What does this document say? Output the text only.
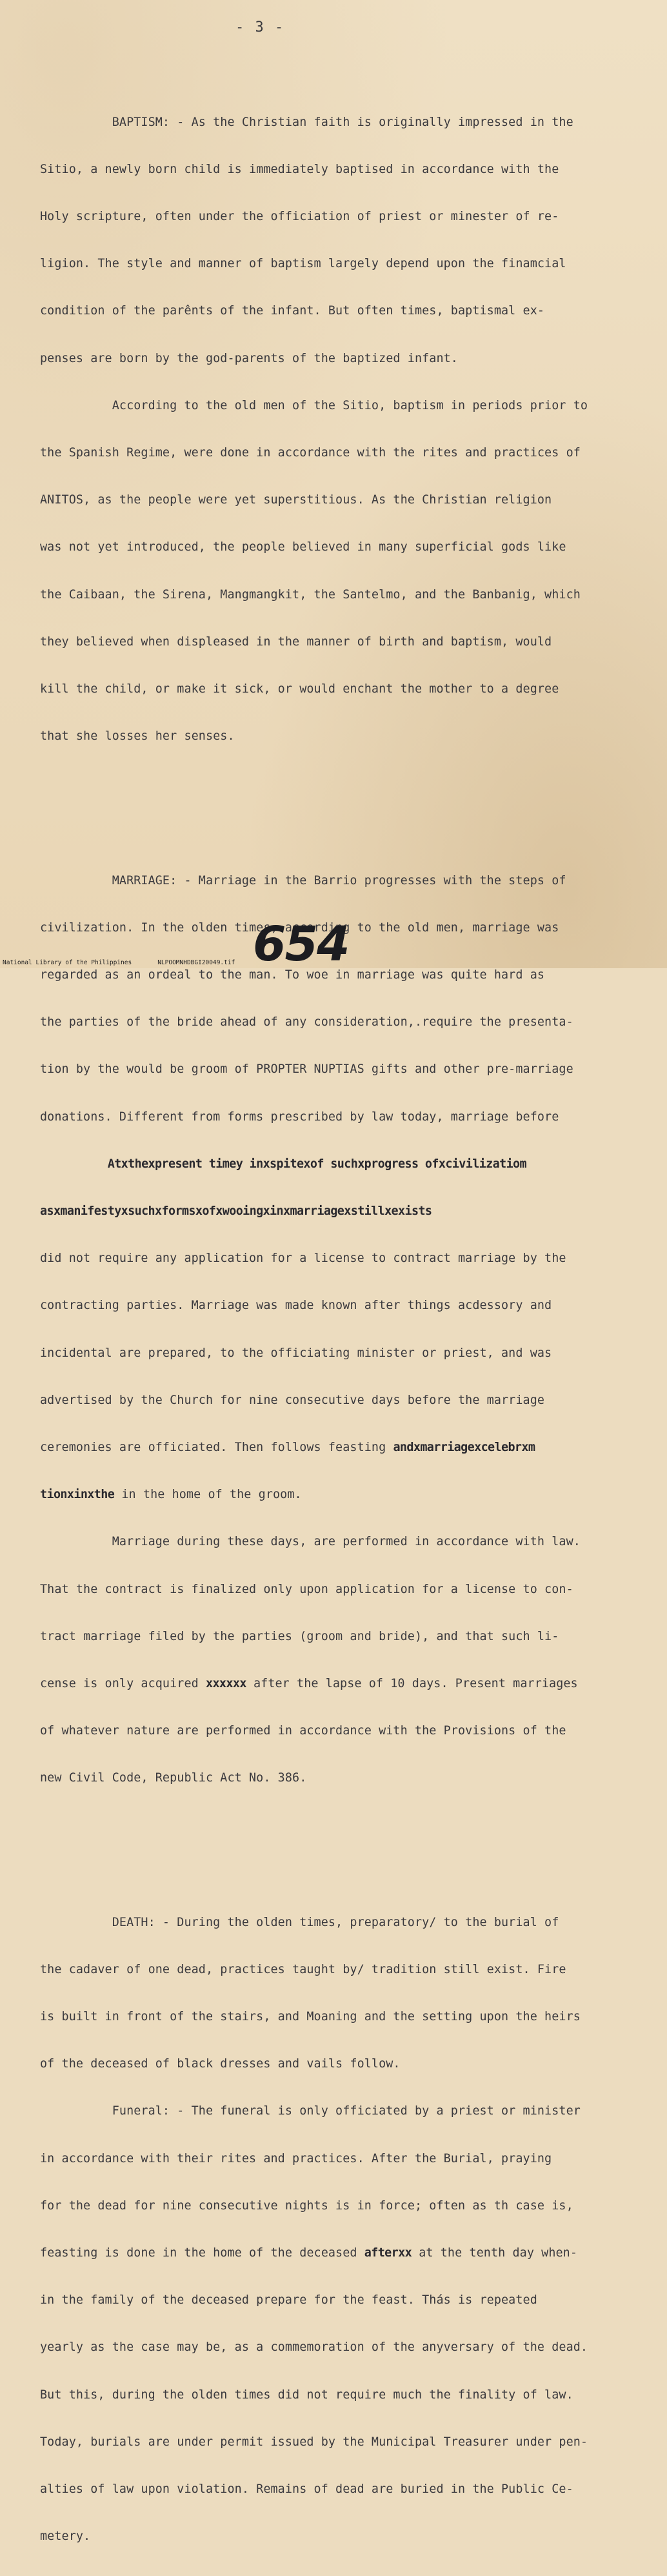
- 3 -

BAPTISM: - As the Christian faith is originally impressed in the

Sitio, a newly born child is immediately baptised in accordance with the

Holy scripture, often under the officiation of priest or minester of re-

ligion. The style and manner of baptism largely depend upon the finamcial

condition of the parênts of the infant. But often times, baptismal ex-

penses are born by the god-parents of the baptized infant.

According to the old men of the Sitio, baptism in periods prior to

the Spanish Regime, were done in accordance with the rites and practices of

ANITOS, as the people were yet superstitious. As the Christian religion

was not yet introduced, the people believed in many superficial gods like

the Caibaan, the Sirena, Mangmangkit, the Santelmo, and the Banbanig, which

they believed when displeased in the manner of birth and baptism, would

kill the child, or make it sick, or would enchant the mother to a degree

that she losses her senses.

MARRIAGE: - Marriage in the Barrio progresses with the steps of

civilization. In the olden times, according to the old men, marriage was

regarded as an ordeal to the man. To woe in marriage was quite hard as

the parties of the bride ahead of any consideration,.require the presenta-

tion by the would be groom of PROPTER NUPTIAS gifts and other pre-marriage

donations. Different from forms prescribed by law today, marriage before

Atxthexpresent timey inxspitexof suchxprogress ofxcivilizatiom

asxmanifestyxsuchxformsxofxwooingxinxmarriagexstillxexists

did not require any application for a license to contract marriage by the

contracting parties. Marriage was made known after things acdessory and

incidental are prepared, to the officiating minister or priest, and was

advertised by the Church for nine consecutive days before the marriage

ceremonies are officiated. Then follows feasting andxmarriagexcelebrxm

tionxinxthe in the home of the groom.

Marriage during these days, are performed in accordance with law.

That the contract is finalized only upon application for a license to con-

tract marriage filed by the parties (groom and bride), and that such li-

cense is only acquired xxxxxx after the lapse of 10 days. Present marriages

of whatever nature are performed in accordance with the Provisions of the

new Civil Code, Republic Act No. 386.

DEATH: - During the olden times, preparatory/ to the burial of

the cadaver of one dead, practices taught by/ tradition still exist. Fire

is built in front of the stairs, and Moaning and the setting upon the heirs

of the deceased of black dresses and vails follow.

Funeral: - The funeral is only officiated by a priest or minister

in accordance with their rites and practices. After the Burial, praying

for the dead for nine consecutive nights is in force; often as th case is,

feasting is done in the home of the deceased afterxx at the tenth day when-

in the family of the deceased prepare for the feast. Thás is repeated

yearly as the case may be, as a commemoration of the anyversary of the dead.

But this, during the olden times did not require much the finality of law.

Today, burials are under permit issued by the Municipal Treasurer under pen-

alties of law upon violation. Remains of dead are buried in the Public Ce-

metery.

654
National Library of the Philippines	NLPOOMNHDBGI20049.tif
